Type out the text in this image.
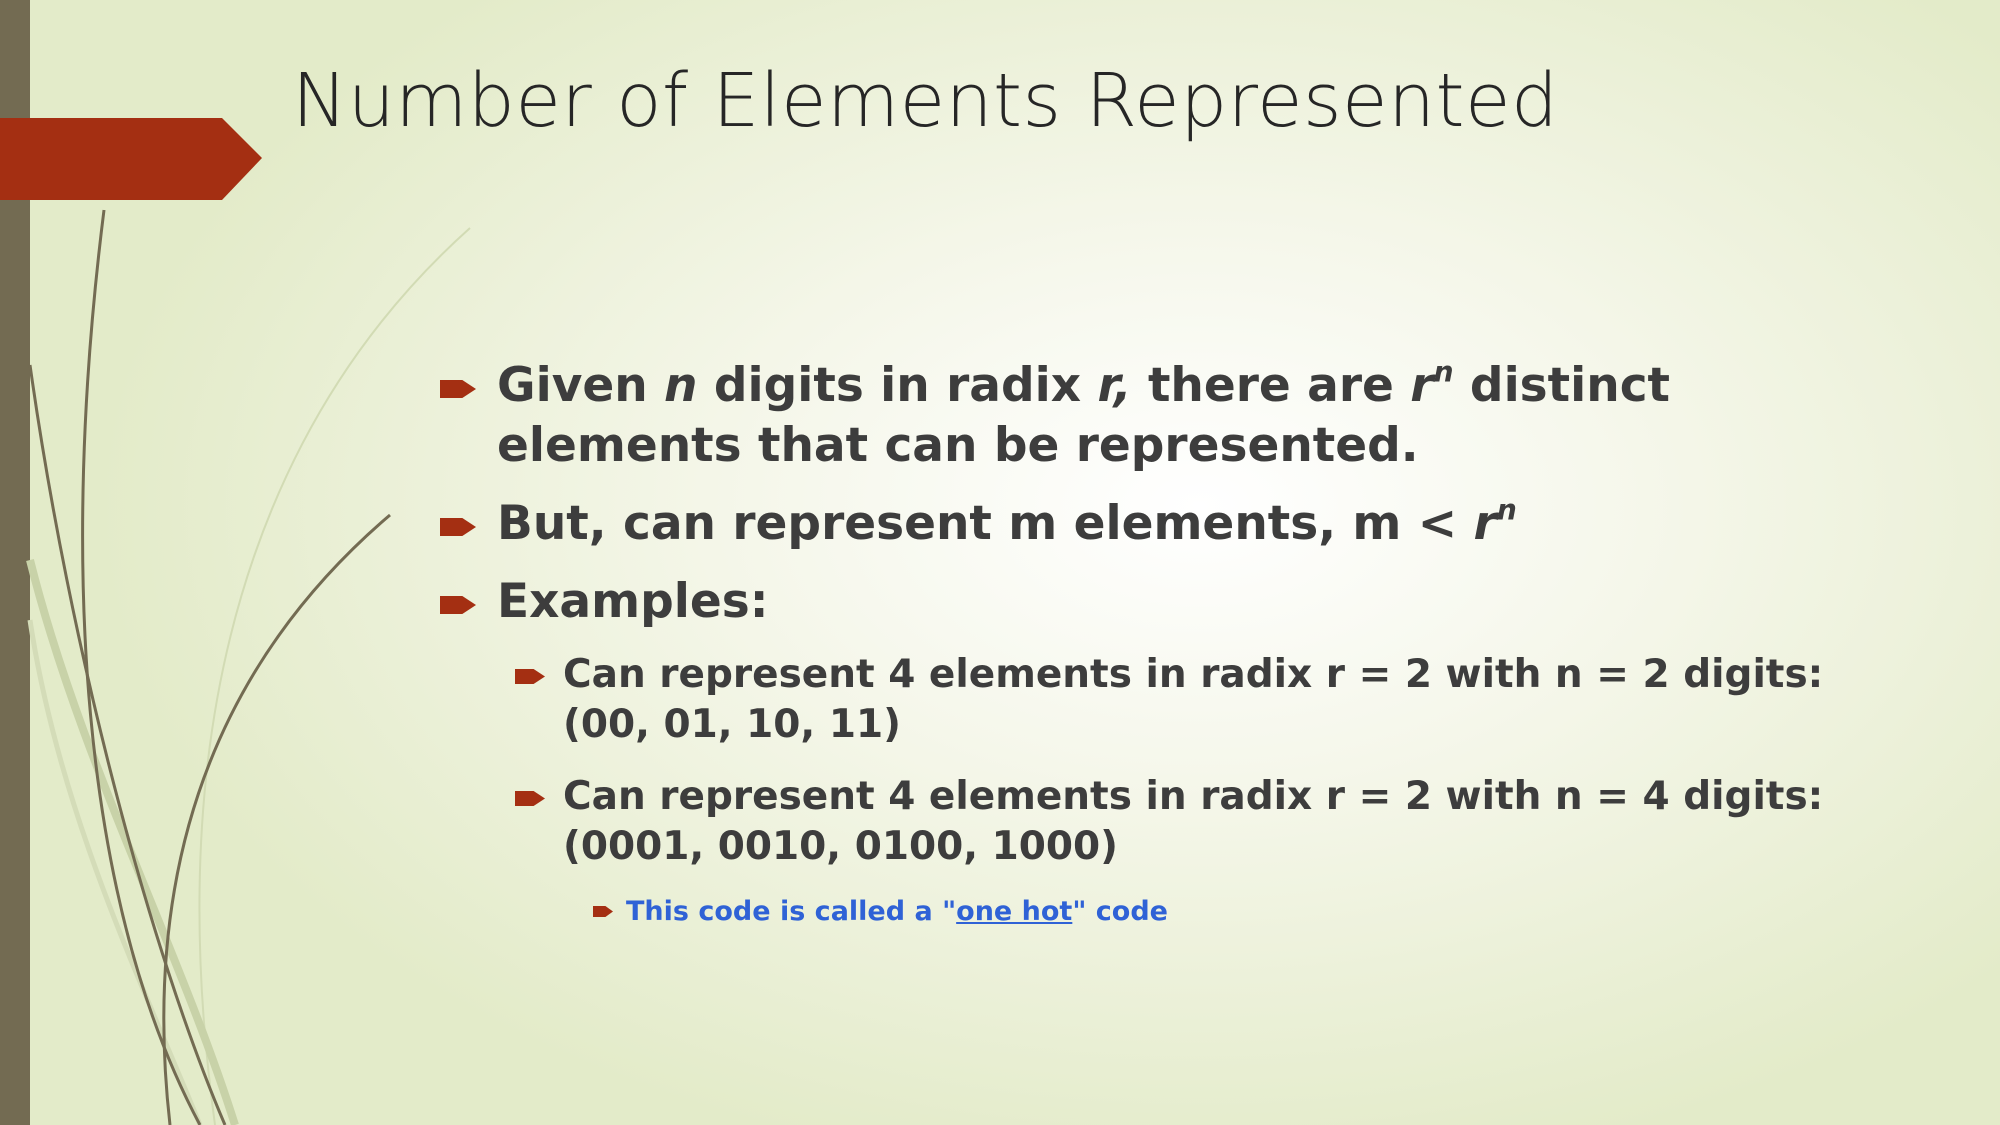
Number of Elements Represented
Given n digits in radix r, there are $r^n$ distinct elements that can be represented.
But, can represent m elements, $m < r^n$
Examples:
Can represent 4 elements in radix r = 2 with n = 2 digits: (00, 01, 10, 11)
Can represent 4 elements in radix r = 2 with n = 4 digits: (0001, 0010, 0100, 1000)
This code is called a "one hot" code
